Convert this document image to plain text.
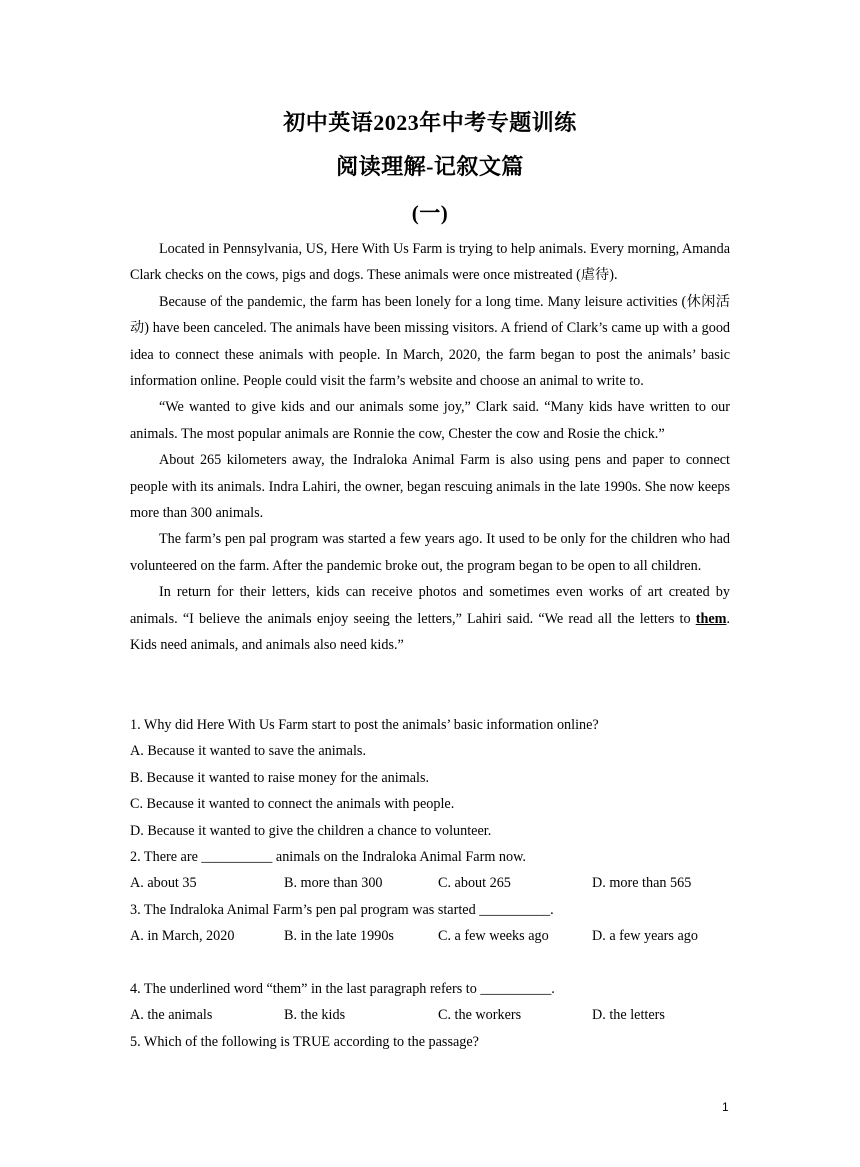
初中英语2023年中考专题训练
阅读理解-记叙文篇
(一)

Located in Pennsylvania, US, Here With Us Farm is trying to help animals. Every morning, Amanda Clark checks on the cows, pigs and dogs. These animals were once mistreated (虐待).

Because of the pandemic, the farm has been lonely for a long time. Many leisure activities (休闲活动) have been canceled. The animals have been missing visitors. A friend of Clark’s came up with a good idea to connect these animals with people. In March, 2020, the farm began to post the animals’ basic information online. People could visit the farm’s website and choose an animal to write to.

“We wanted to give kids and our animals some joy,” Clark said. “Many kids have written to our animals. The most popular animals are Ronnie the cow, Chester the cow and Rosie the chick.”

About 265 kilometers away, the Indraloka Animal Farm is also using pens and paper to connect people with its animals. Indra Lahiri, the owner, began rescuing animals in the late 1990s. She now keeps more than 300 animals.

The farm’s pen pal program was started a few years ago. It used to be only for the children who had volunteered on the farm. After the pandemic broke out, the program began to be open to all children.

In return for their letters, kids can receive photos and sometimes even works of art created by animals. “I believe the animals enjoy seeing the letters,” Lahiri said. “We read all the letters to them. Kids need animals, and animals also need kids.”

1. Why did Here With Us Farm start to post the animals’ basic information online?
A. Because it wanted to save the animals.
B. Because it wanted to raise money for the animals.
C. Because it wanted to connect the animals with people.
D. Because it wanted to give the children a chance to volunteer.
2. There are __________ animals on the Indraloka Animal Farm now.
A. about 35	B. more than 300	C. about 265	D. more than 565
3. The Indraloka Animal Farm’s pen pal program was started __________.
A. in March, 2020	B. in the late 1990s	C. a few weeks ago	D. a few years ago
4. The underlined word “them” in the last paragraph refers to __________.
A. the animals	B. the kids	C. the workers	D. the letters
5. Which of the following is TRUE according to the passage?
1
